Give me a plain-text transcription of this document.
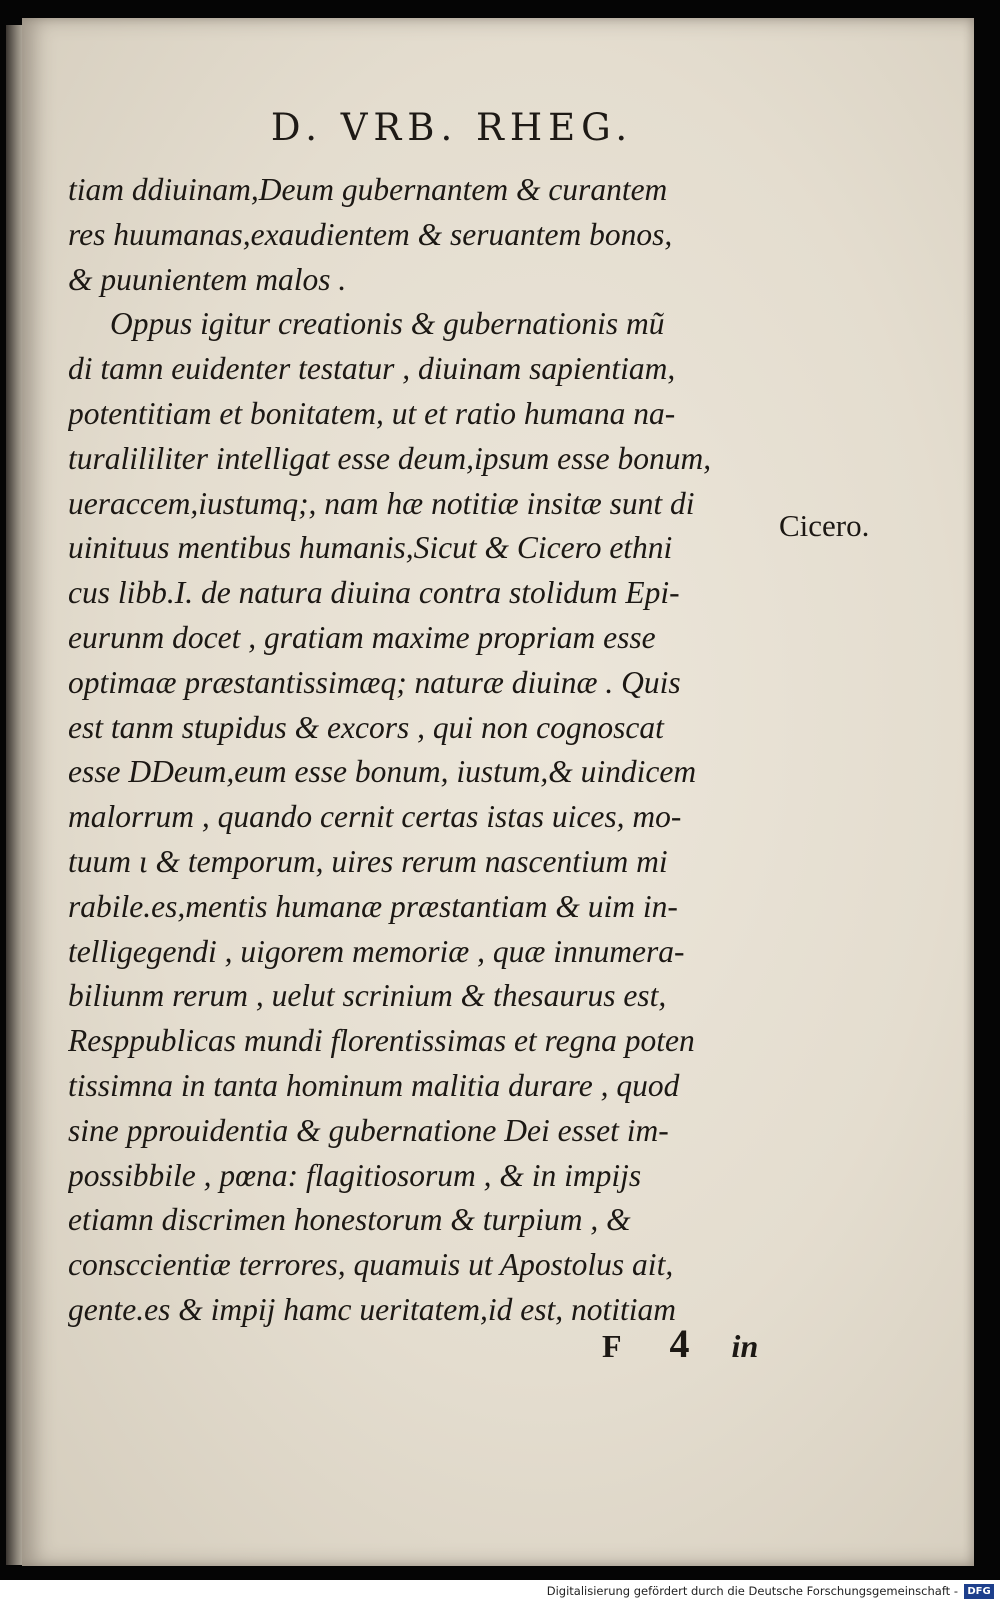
D. VRB. RHEG.
tiam ddiuinam,Deum gubernantem & curantem
res huumanas,exaudientem & seruantem bonos,
& puunientem malos .
Oppus igitur creationis & gubernationis mũ
di tamn euidenter testatur , diuinam sapientiam,
potentitiam et bonitatem, ut et ratio humana na-
turalililiter intelligat esse deum,ipsum esse bonum,
ueraccem,iustumq;, nam hæ notitiæ insitæ sunt di
uinituus mentibus humanis,Sicut & Cicero ethni
cus libb.I. de natura diuina contra stolidum Epi-
eurunm docet , gratiam maxime propriam esse
optimaæ præstantissimæq; naturæ diuinæ . Quis
est tanm stupidus & excors , qui non cognoscat
esse DDeum,eum esse bonum, iustum,& uindicem
malorrum , quando cernit certas istas uices, mo-
tuum ι & temporum, uires rerum nascentium mi
rabile.es,mentis humanæ præstantiam & uim in-
telligegendi , uigorem memoriæ , quæ innumera-
biliunm rerum , uelut scrinium & thesaurus est,
Resppublicas mundi florentissimas et regna poten
tissimna in tanta hominum malitia durare , quod
sine pprouidentia & gubernatione Dei esset im-
possibbile , pœna: flagitiosorum , & in impijs
etiamn discrimen honestorum & turpium , &
consccientiæ terrores, quamuis ut Apostolus ait,
gente.es & impij hamc ueritatem,id est, notitiam
Cicero.
F 4 in
Digitalisierung gefördert durch die Deutsche Forschungsgemeinschaft - DFG
